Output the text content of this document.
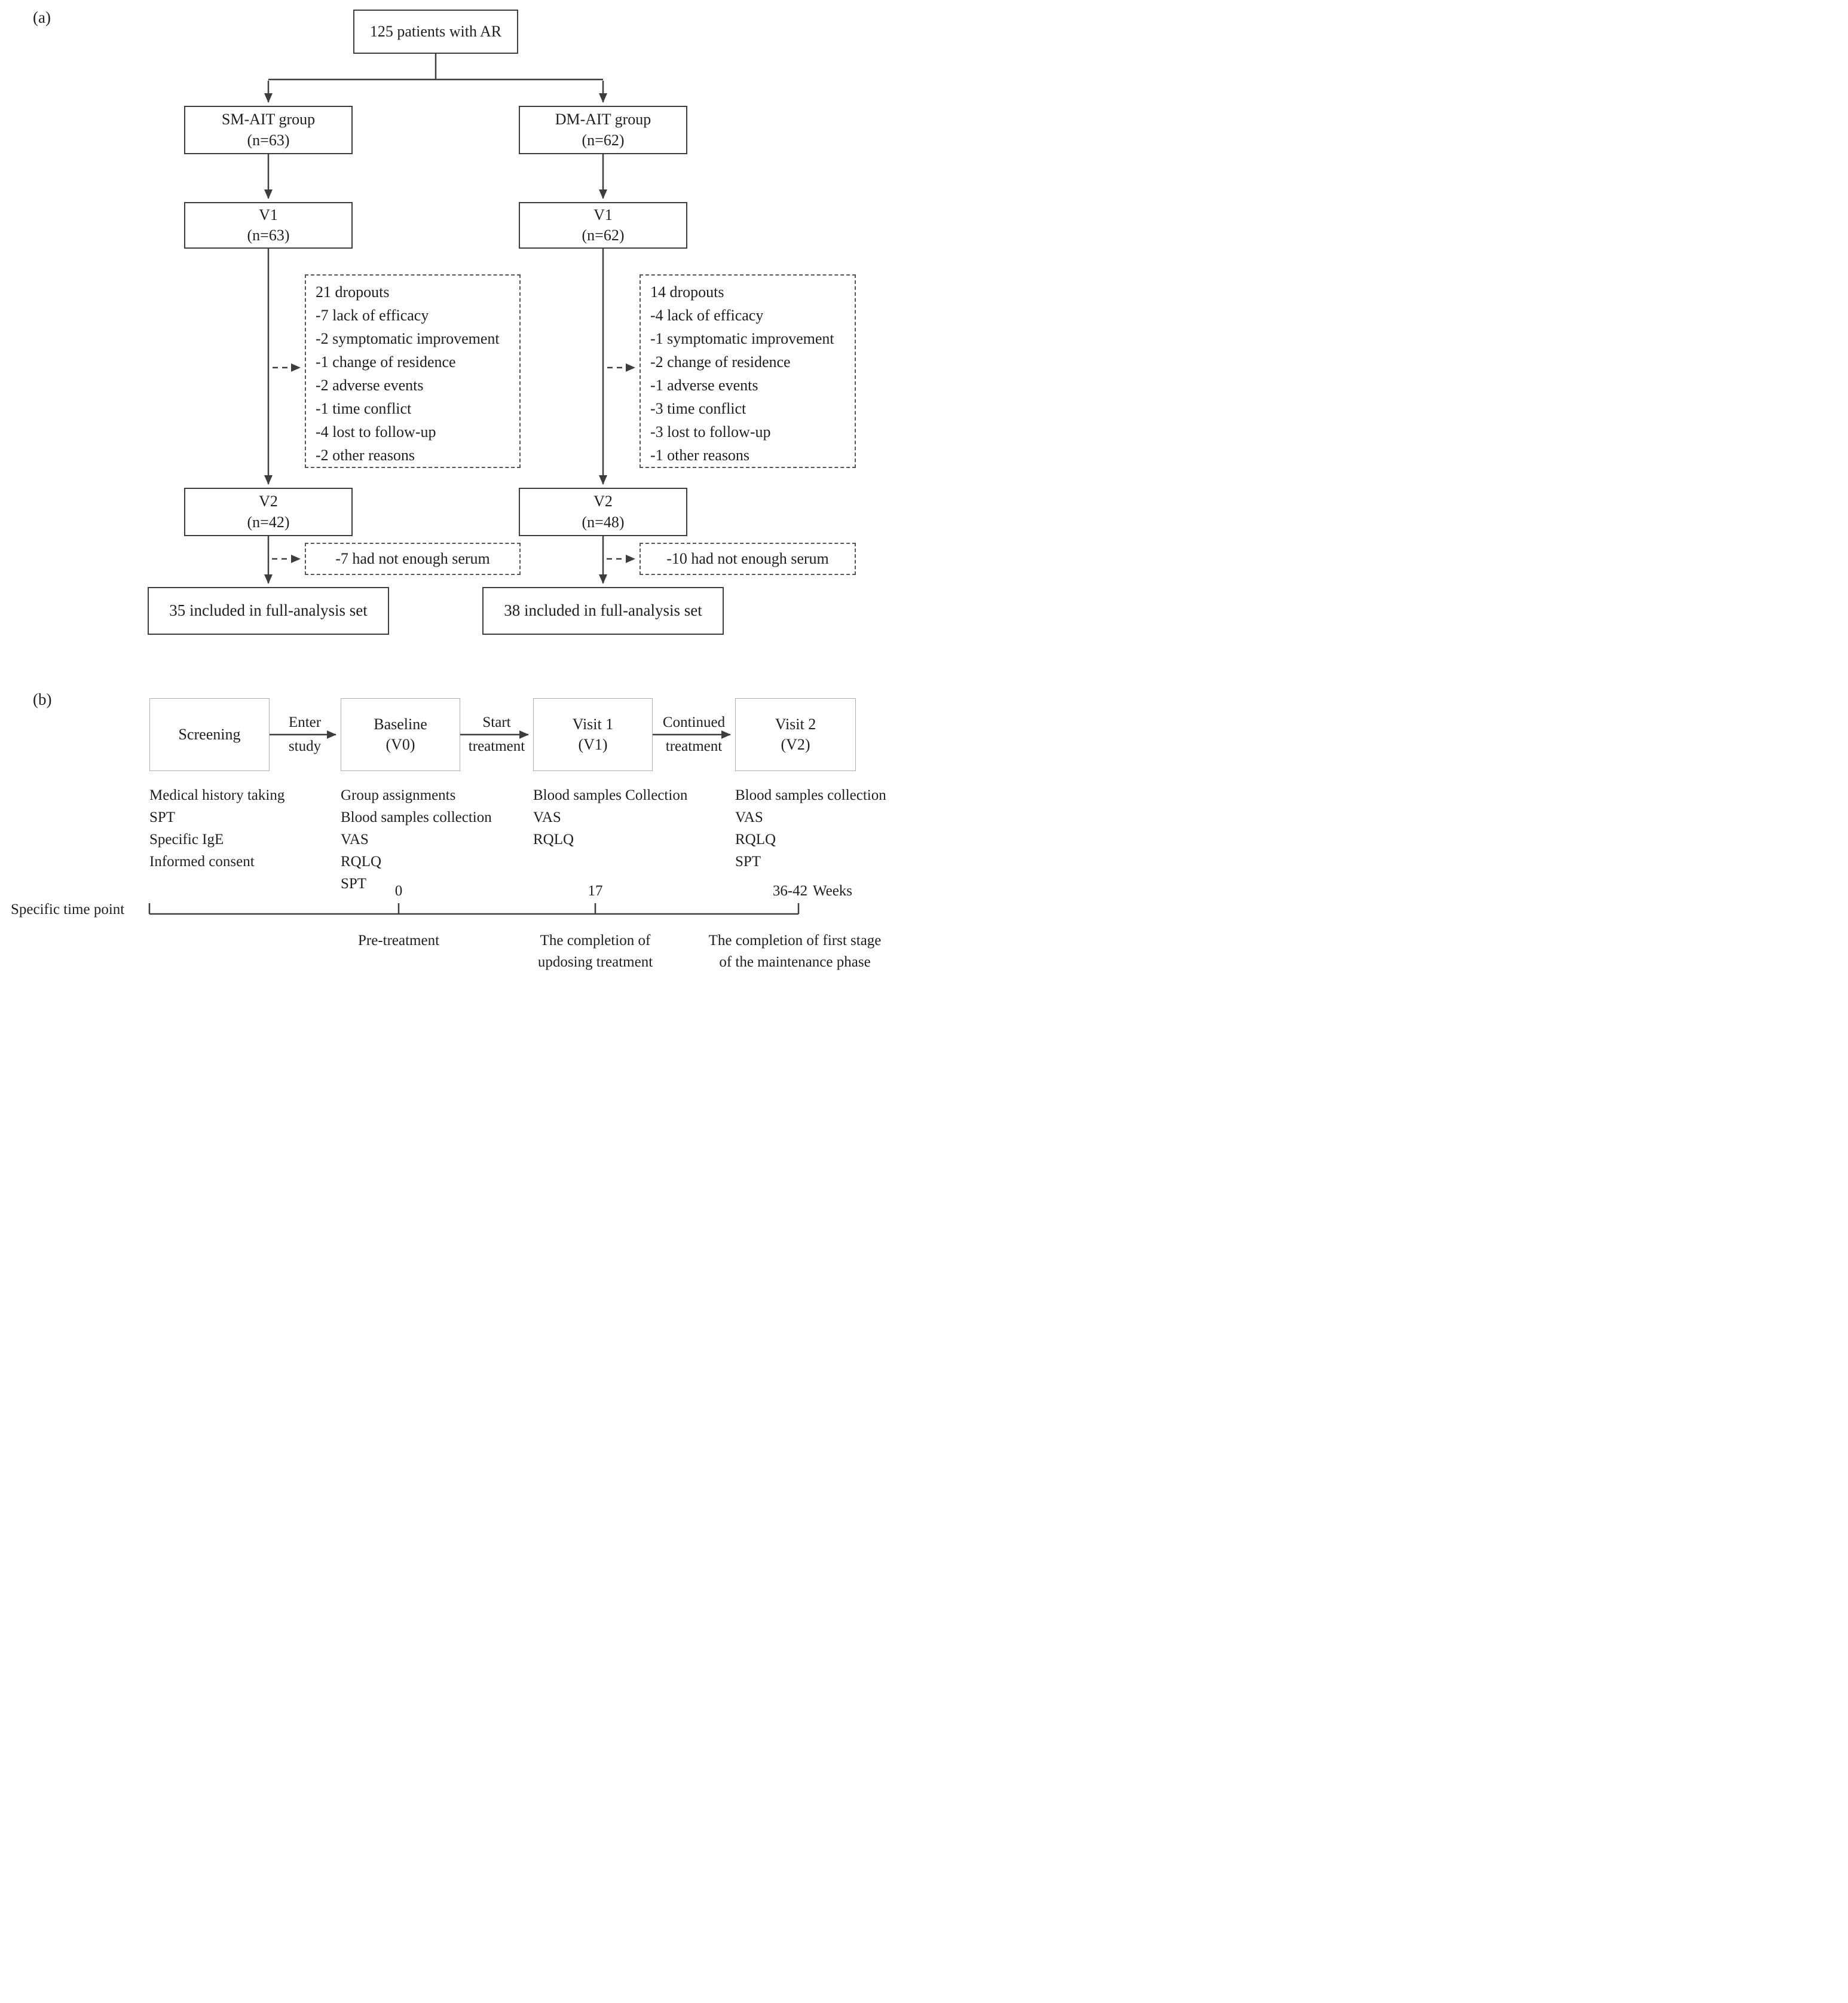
(a)
125 patients with AR
SM-AIT group
(n=63)
DM-AIT group
(n=62)
V1
(n=63)
V1
(n=62)
21 dropouts
-7 lack of efficacy
-2 symptomatic improvement
-1 change of residence
-2 adverse events
-1 time conflict
-4 lost to follow-up
-2 other reasons
14 dropouts
-4 lack of efficacy
-1 symptomatic improvement
-2 change of residence
-1 adverse events
-3 time conflict
-3 lost to follow-up
-1 other reasons
V2
(n=42)
V2
(n=48)
-7 had not enough serum	-10 had not enough serum
35 included in full-analysis set	38 included in full-analysis set
(b)
Screening
Baseline
(V0)
Visit 1
(V1)
Visit 2
(V2)
Enter
study
Start
treatment
Continued
treatment
Medical history taking
SPT
Specific IgE
Informed consent
Group assignments
Blood samples collection
VAS
RQLQ
SPT
Blood samples Collection
VAS
RQLQ
Blood samples collection
VAS
RQLQ
SPT
Specific time point
0	17	36-42 Weeks
Pre-treatment	The completion of
updosing treatment
The completion of first stage
of the maintenance phase
